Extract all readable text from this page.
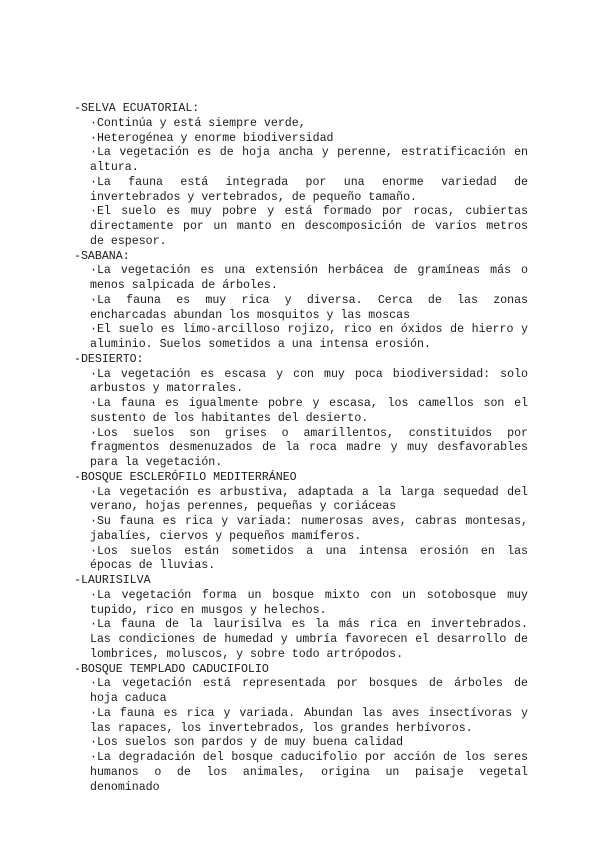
-SELVA ECUATORIAL:

·Continúa y está siempre verde,

·Heterogénea y enorme biodiversidad

·La vegetación es de hoja ancha y perenne, estratificación en altura.

·La fauna está integrada por una enorme variedad de invertebrados y vertebrados, de pequeño tamaño.

·El suelo es muy pobre y está formado por rocas, cubiertas directamente por un manto en descomposición de varios metros de espesor.

-SABANA:

·La vegetación es una extensión herbácea de gramíneas más o menos salpicada de árboles.

·La fauna es muy rica y diversa. Cerca de las zonas encharcadas abundan los mosquitos y las moscas

·El suelo es limo-arcilloso rojizo, rico en óxidos de hierro y aluminio. Suelos sometidos a una intensa erosión.

-DESIERTO:

·La vegetación es escasa y con muy poca biodiversidad: solo arbustos y matorrales.

·La fauna es igualmente pobre y escasa, los camellos son el sustento de los habitantes del desierto.

·Los suelos son grises o amarillentos, constituidos por fragmentos desmenuzados de la roca madre y muy desfavorables para la vegetación.

-BOSQUE ESCLERÓFILO MEDITERRÁNEO

·La vegetación es arbustiva, adaptada a la larga sequedad del verano, hojas perennes, pequeñas y coriáceas

·Su fauna es rica y variada: numerosas aves, cabras montesas, jabalíes, ciervos y pequeños mamíferos.

·Los suelos están sometidos a una intensa erosión en las épocas de lluvias.

-LAURISILVA

·La vegetación forma un bosque mixto con un sotobosque muy tupido, rico en musgos y helechos.

·La fauna de la laurisilva es la más rica en invertebrados. Las condiciones de humedad y umbría favorecen el desarrollo de lombrices, moluscos, y sobre todo artrópodos.

-BOSQUE TEMPLADO CADUCIFOLIO

·La vegetación está representada por bosques de árboles de hoja caduca

·La fauna es rica y variada. Abundan las aves insectívoras y las rapaces, los invertebrados, los grandes herbívoros.

·Los suelos son pardos y de muy buena calidad

·La degradación del bosque caducifolio por acción de los seres humanos o de los animales, origina un paisaje vegetal denominado
